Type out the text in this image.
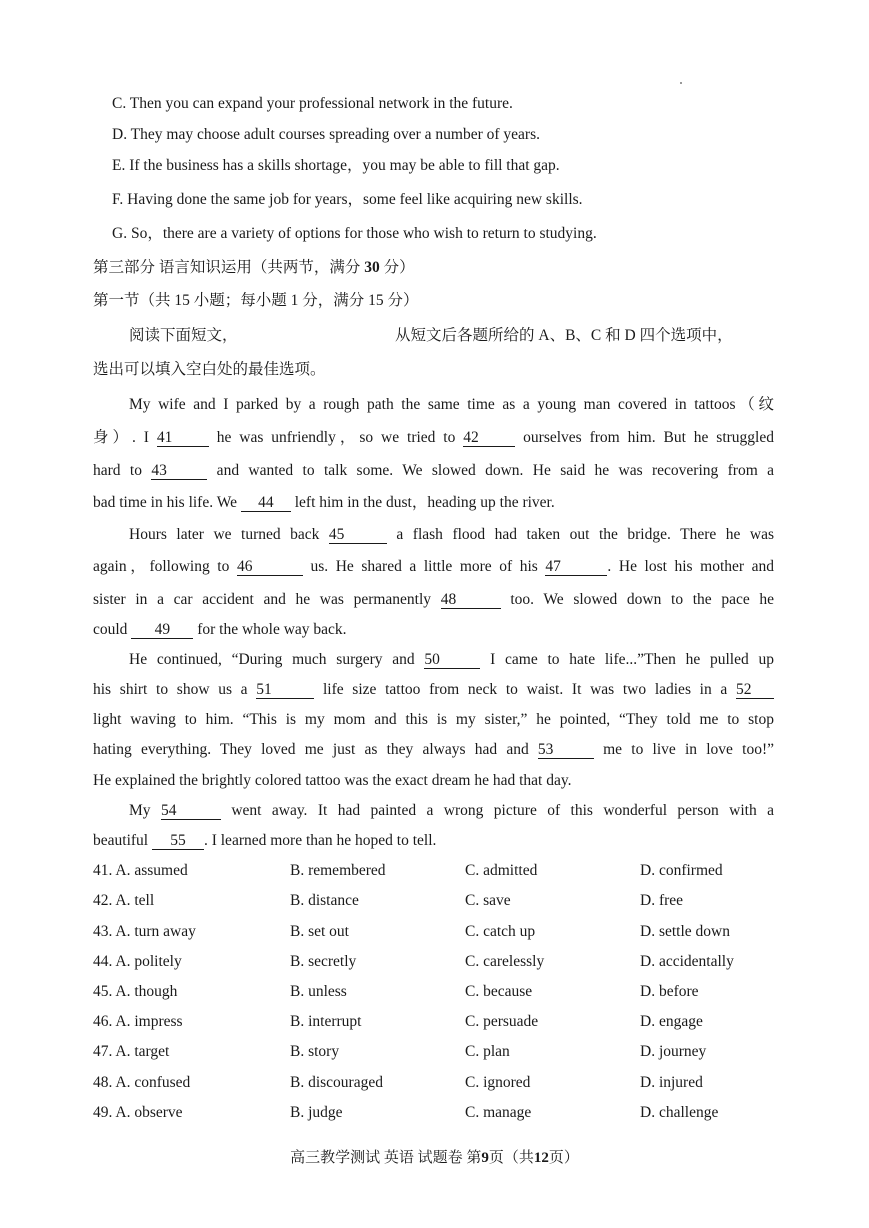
C. Then you can expand your professional network in the future.
D. They may choose adult courses spreading over a number of years.
E. If the business has a skills shortage，you may be able to fill that gap.
F. Having done the same job for years，some feel like acquiring new skills.
G. So，there are a variety of options for those who wish to return to studying.
第三部分 语言知识运用（共两节，满分 30 分）
第一节（共 15 小题；每小题 1 分，满分 15 分）
阅读下面短文，	从短文后各题所给的 A、B、C 和 D 四个选项中，
选出可以填入空白处的最佳选项。
My wife and I parked by a rough path the same time as a young man covered in tattoos（纹
身）. I 41 he was unfriendly，so we tried to 42 ourselves from him. But he struggled
hard to 43	and wanted to talk some. We slowed down. He said he was recovering from a
bad time in his life. We 44 left him in the dust，heading up the river.
Hours later we turned back 45	a flash flood had taken out the bridge. There he was
again，following to 46	us. He shared a little more of his 47	. He lost his mother and
sister in a car accident and he was permanently 48	too. We slowed down to the pace he
could 49 for the whole way back.
He continued, “During much surgery and 50	I came to hate life...”Then he pulled up
his shirt to show us a 51	life size tattoo from neck to waist. It was two ladies in a 52
light waving to him. “This is my mom and this is my sister,” he pointed, “They told me to stop
hating everything. They loved me just as they always had and 53	me to live in love too!”
He explained the brightly colored tattoo was the exact dream he had that day.
My 54	went away. It had painted a wrong picture of this wonderful person with a
beautiful 55 . I learned more than he hoped to tell.
41. A. assumed	B. remembered	C. admitted	D. confirmed
42. A. tell	B. distance	C. save	D. free
43. A. turn away	B. set out	C. catch up	D. settle down
44. A. politely	B. secretly	C. carelessly	D. accidentally
45. A. though	B. unless	C. because	D. before
46. A. impress	B. interrupt	C. persuade	D. engage
47. A. target	B. story	C. plan	D. journey
48. A. confused	B. discouraged	C. ignored	D. injured
49. A. observe	B. judge	C. manage	D. challenge
高三教学测试 英语 试题卷 第9页（共12页）
